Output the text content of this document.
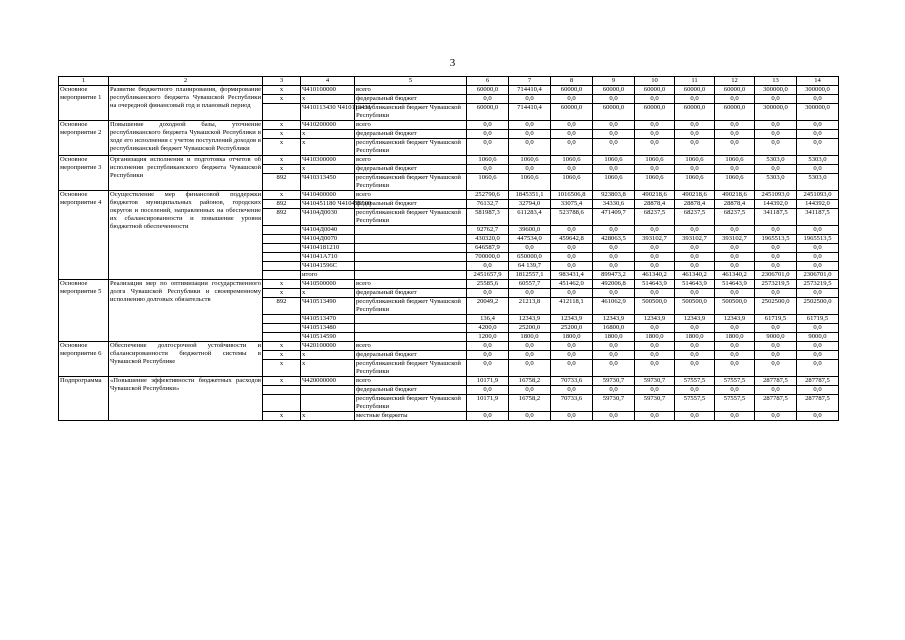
3
1	2	3	4	5	6	7	8	9	10	11	12	13	14
Основное мероприятие 1	Развитие бюджетного планирования, формирование республиканского бюджета Чувашской Республики на очередной финансовый год и плановый период	x	Ч410100000	всего	60000,0	714410,4	60000,0	60000,0	60000,0	60000,0	60000,0	300000,0	300000,0
		x	x	федеральный бюджет	0,0	0,0	0,0	0,0	0,0	0,0	0,0	0,0	0,0
			Ч410113430 Ч410113431	республиканский бюджет Чувашской Республики	60000,0	714410,4	60000,0	60000,0	60000,0	60000,0	60000,0	300000,0	300000,0
Основное мероприятие 2	Повышение доходной базы, уточнение республиканского бюджета Чувашской Республики в ходе его исполнения с учетом поступлений доходов в республиканский бюджет Чувашской Республики	x	Ч410200000	всего	0,0	0,0	0,0	0,0	0,0	0,0	0,0	0,0	0,0
		x	x	федеральный бюджет	0,0	0,0	0,0	0,0	0,0	0,0	0,0	0,0	0,0
		x	x	республиканский бюджет Чувашской Республики	0,0	0,0	0,0	0,0	0,0	0,0	0,0	0,0	0,0
Основное мероприятие 3	Организация исполнения и подготовка отчетов об исполнении республиканского бюджета Чувашской Республики	x	Ч410300000	всего	1060,6	1060,6	1060,6	1060,6	1060,6	1060,6	1060,6	5303,0	5303,0
		x	x	федеральный бюджет	0,0	0,0	0,0	0,0	0,0	0,0	0,0	0,0	0,0
		892	Ч410313450	республиканский бюджет Чувашской Республики	1060,6	1060,6	1060,6	1060,6	1060,6	1060,6	1060,6	5303,0	5303,0
Основное мероприятие 4	Осуществление мер финансовой поддержки бюджетов муниципальных районов, городских округов и поселений, направленных на обеспечение их сбалансированности и повышение уровня бюджетной обеспеченности	x	Ч410400000	всего	252790,6	1845351,1	1016506,8	923803,8	490218,6	490218,6	490218,6	2451093,0	2451093,0
		892	Ч410451180 Ч410455500	федеральный бюджет	76132,7	32794,0	33075,4	34330,6	28878,4	28878,4	28878,4	144392,0	144392,0
		892	Ч4104Д0030	республиканский бюджет Чувашской Республики	581987,3	611283,4	523788,6	471409,7	68237,5	68237,5	68237,5	341187,5	341187,5
			Ч4104Д0040		92762,7	39600,0	0,0	0,0	0,0	0,0	0,0	0,0	0,0
			Ч4104Д0070		430320,0	447534,0	459642,8	428063,5	393102,7	393102,7	393102,7	1965513,5	1965513,5
			Ч4104181210		646587,9	0,0	0,0	0,0	0,0	0,0	0,0	0,0	0,0
			Ч41041A710		700000,0	650000,0	0,0	0,0	0,0	0,0	0,0	0,0	0,0
			Ч41041596С		0,0	64 139,7	0,0	0,0	0,0	0,0	0,0	0,0	0,0
			итого		2451657,9	1812557,1	983431,4	899473,2	461340,2	461340,2	461340,2	2306701,0	2306701,0
Основное мероприятие 5	Реализация мер по оптимизации государственного долга Чувашской Республики и своевременному исполнению долговых обязательств	x	Ч410500000	всего	25585,6	60557,7	451462,0	492006,8	514643,9	514643,9	514643,9	2573219,5	2573219,5
		x	x	федеральный бюджет	0,0	0,0	0,0	0,0	0,0	0,0	0,0	0,0	0,0
		892	Ч410513490	республиканский бюджет Чувашской Республики	20049,2	21213,8	412118,1	461062,9	500500,0	500500,0	500500,0	2502500,0	2502500,0
			Ч410513470		136,4	12343,9	12343,9	12343,9	12343,9	12343,9	12343,9	61719,5	61719,5
			Ч410513480		4200,0	25200,0	25200,0	16800,0	0,0	0,0	0,0	0,0	0,0
			Ч410514590		1200,0	1800,0	1800,0	1800,0	1800,0	1800,0	1800,0	9000,0	9000,0
Основное мероприятие 6	Обеспечение долгосрочной устойчивости и сбалансированности бюджетной системы в Чувашской Республике	x	Ч420100000	всего	0,0	0,0	0,0	0,0	0,0	0,0	0,0	0,0	0,0
		x	x	федеральный бюджет	0,0	0,0	0,0	0,0	0,0	0,0	0,0	0,0	0,0
		x	x	республиканский бюджет Чувашской Республики	0,0	0,0	0,0	0,0	0,0	0,0	0,0	0,0	0,0
Подпрограмма	«Повышение эффективности бюджетных расходов Чувашской Республики»	x	Ч420000000	всего	10171,9	16758,2	70733,6	59730,7	59730,7	57557,5	57557,5	287787,5	287787,5
				федеральный бюджет	0,0	0,0	0,0	0,0	0,0	0,0	0,0	0,0	0,0
				республиканский бюджет Чувашской Республики	10171,9	16758,2	70733,6	59730,7	59730,7	57557,5	57557,5	287787,5	287787,5
		x	x	местные бюджеты	0,0	0,0	0,0	0,0	0,0	0,0	0,0	0,0	0,0
